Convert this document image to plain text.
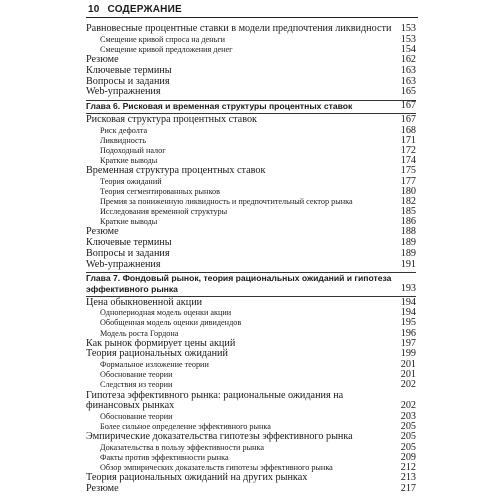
10 СОДЕРЖАНИЕ
Равновесные процентные ставки в модели предпочтения ликвидности 153
Смещение кривой спроса на деньги	153
Смещение кривой предложения денег	154
Резюме	162
Ключевые термины	163
Вопросы и задания	163
Web-упражнения	165
Глава 6. Рисковая и временная структуры процентных ставок	167
Рисковая структура процентных ставок	167
Риск дефолта	168
Ликвидность	171
Подоходный налог	172
Краткие выводы	174
Временная структура процентных ставок	175
Теория ожиданий	177
Теория сегментированных рынков	180
Премия за пониженную ликвидность и предпочтительный сектор рынка	182
Исследования временной структуры	185
Краткие выводы	186
Резюме	188
Ключевые термины	189
Вопросы и задания	189
Web-упражнения	191
Глава 7. Фондовый рынок, теория рациональных ожиданий и гипотеза эффективного рынка	193
Цена обыкновенной акции	194
Однопериодная модель оценки акции	194
Обобщенная модель оценки дивидендов	195
Модель роста Гордона	196
Как рынок формирует цены акций	197
Теория рациональных ожиданий	199
Формальное изложение теории	201
Обоснование теории	201
Следствия из теории	202
Гипотеза эффективного рынка: рациональные ожидания на финансовых рынках	202
Обоснование теории	203
Более сильное определение эффективного рынка	205
Эмпирические доказательства гипотезы эффективного рынка	205
Доказательства в пользу эффективности рынка	205
Факты против эффективности рынка	209
Обзор эмпирических доказательств гипотезы эффективного рынка	212
Теория рациональных ожиданий на других рынках	213
Резюме	217
